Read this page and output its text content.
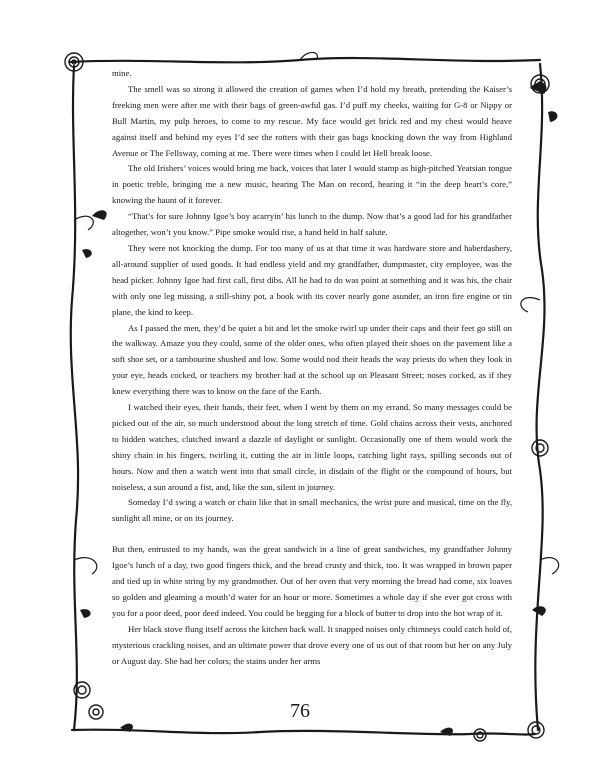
mine.

The smell was so strong it allowed the creation of games when I’d hold my breath, pretending the Kaiser’s freeking men were after me with their bags of green-awful gas. I’d puff my cheeks, waiting for G-8 or Nippy or Bull Martin, my pulp heroes, to come to my rescue. My face would get brick red and my chest would heave against itself and behind my eyes I’d see the rotters with their gas bags knocking down the way from Highland Avenue or The Fellsway, coming at me. There were times when I could let Hell break loose.

The old Irishers’ voices would bring me back, voices that later I would stamp as high-pitched Yeatsian tongue in poetic treble, bringing me a new music, hearing The Man on record, hearing it “in the deep heart’s core,” knowing the haunt of it forever.

“That’s for sure Johnny Igoe’s boy acarryin’ his lunch to the dump. Now that’s a good lad for his grandfather altogether, won’t you know.” Pipe smoke would rise, a hand held in half salute.

They were not knocking the dump. For too many of us at that time it was hardware store and haberdashery, all-around supplier of used goods. It had endless yield and my grandfather, dumpmaster, city employee, was the head picker. Johnny Igoe had first call, first dibs. All he had to do was point at something and it was his, the chair with only one leg missing, a still-shiny pot, a book with its cover nearly gone asunder, an iron fire engine or tin plane, the kind to keep.

As I passed the men, they’d be quiet a bit and let the smoke twirl up under their caps and their feet go still on the walkway. Amaze you they could, some of the older ones, who often played their shoes on the pavement like a soft shoe set, or a tambourine shushed and low. Some would nod their heads the way priests do when they look in your eye, heads cocked, or teachers my brother had at the school up on Pleasant Street; noses cocked, as if they knew everything there was to know on the face of the Earth.

I watched their eyes, their hands, their feet, when I went by them on my errand. So many messages could be picked out of the air, so much understood about the long stretch of time. Gold chains across their vests, anchored to hidden watches, clutched inward a dazzle of daylight or sunlight. Occasionally one of them would work the shiny chain in his fingers, twirling it, cutting the air in little loops, catching light rays, spilling seconds out of hours. Now and then a watch went into that small circle, in disdain of the flight or the compound of hours, but noiseless, a sun around a fist, and, like the sun, silent in journey.

Someday I’d swing a watch or chain like that in small mechanics, the wrist pure and musical, time on the fly, sunlight all mine, or on its journey.

But then, entrusted to my hands, was the great sandwich in a line of great sandwiches, my grandfather Johnny Igoe’s lunch of a day, two good fingers thick, and the bread crusty and thick, too. It was wrapped in brown paper and tied up in white string by my grandmother. Out of her oven that very morning the bread had come, six loaves so golden and gleaming a mouth’d water for an hour or more. Sometimes a whole day if she ever got cross with you for a poor deed, poor deed indeed. You could be begging for a block of butter to drop into the hot wrap of it.

Her black stove flung itself across the kitchen back wall. It snapped noises only chimneys could catch hold of, mysterious crackling noises, and an ultimate power that drove every one of us out of that room but her on any July or August day. She had her colors; the stains under her arms

76
